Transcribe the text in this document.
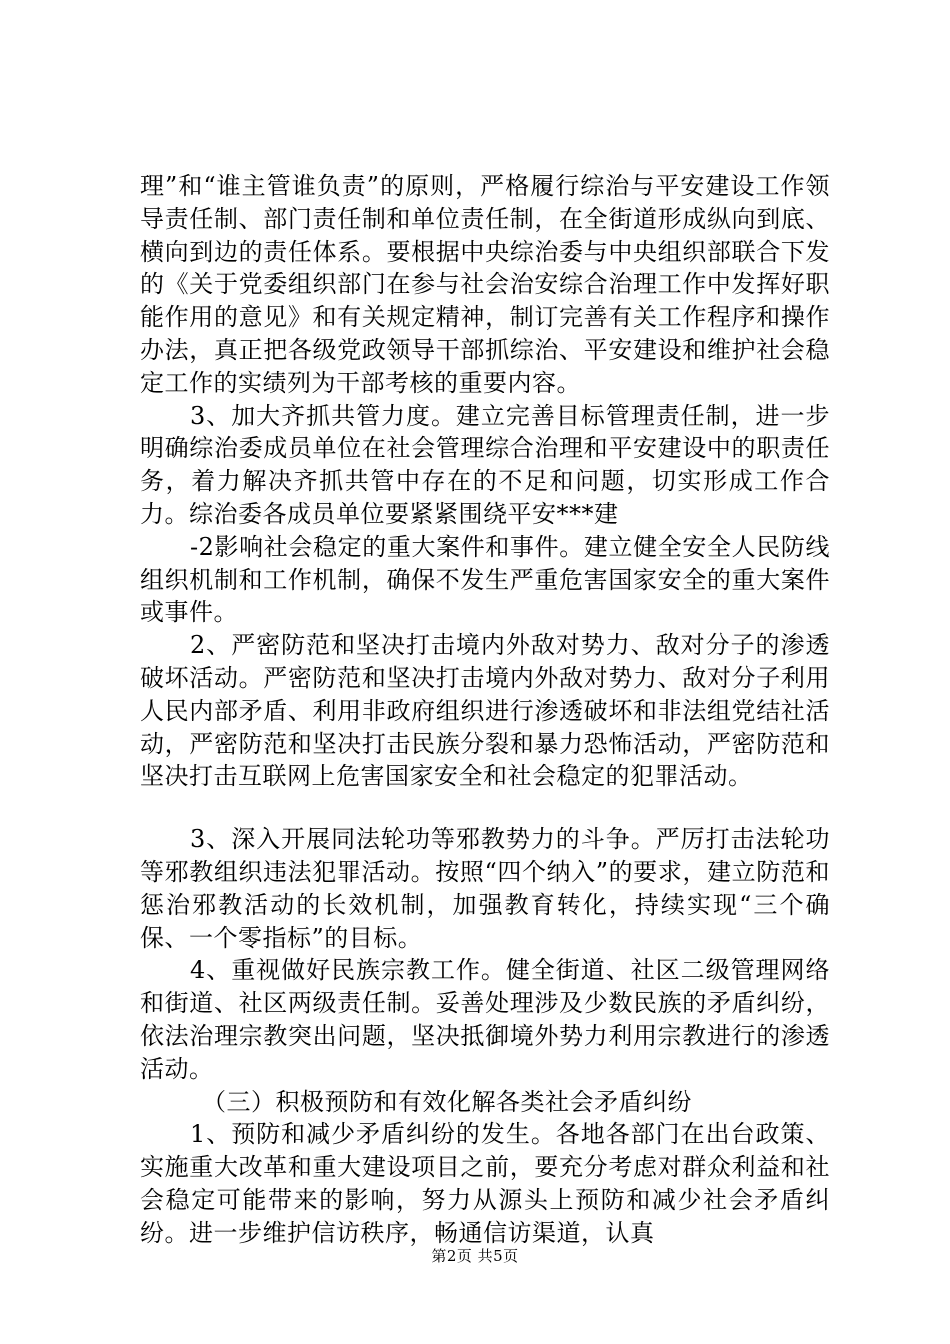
理”和“谁主管谁负责”的原则，严格履行综治与平安建设工作领导责任制、部门责任制和单位责任制，在全街道形成纵向到底、横向到边的责任体系。要根据中央综治委与中央组织部联合下发的《关于党委组织部门在参与社会治安综合治理工作中发挥好职能作用的意见》和有关规定精神，制订完善有关工作程序和操作办法，真正把各级党政领导干部抓综治、平安建设和维护社会稳定工作的实绩列为干部考核的重要内容。

3、加大齐抓共管力度。建立完善目标管理责任制，进一步明确综治委成员单位在社会管理综合治理和平安建设中的职责任务，着力解决齐抓共管中存在的不足和问题，切实形成工作合力。综治委各成员单位要紧紧围绕平安***建

-2影响社会稳定的重大案件和事件。建立健全安全人民防线组织机制和工作机制，确保不发生严重危害国家安全的重大案件或事件。

2、严密防范和坚决打击境内外敌对势力、敌对分子的渗透破坏活动。严密防范和坚决打击境内外敌对势力、敌对分子利用人民内部矛盾、利用非政府组织进行渗透破坏和非法组党结社活动，严密防范和坚决打击民族分裂和暴力恐怖活动，严密防范和坚决打击互联网上危害国家安全和社会稳定的犯罪活动。

3、深入开展同法轮功等邪教势力的斗争。严厉打击法轮功等邪教组织违法犯罪活动。按照“四个纳入”的要求，建立防范和惩治邪教活动的长效机制，加强教育转化，持续实现“三个确保、一个零指标”的目标。

4、重视做好民族宗教工作。健全街道、社区二级管理网络和街道、社区两级责任制。妥善处理涉及少数民族的矛盾纠纷，依法治理宗教突出问题，坚决抵御境外势力利用宗教进行的渗透活动。

（三）积极预防和有效化解各类社会矛盾纠纷

1、预防和减少矛盾纠纷的发生。各地各部门在出台政策、实施重大改革和重大建设项目之前，要充分考虑对群众利益和社会稳定可能带来的影响，努力从源头上预防和减少社会矛盾纠纷。进一步维护信访秩序，畅通信访渠道，认真

第2页 共5页
